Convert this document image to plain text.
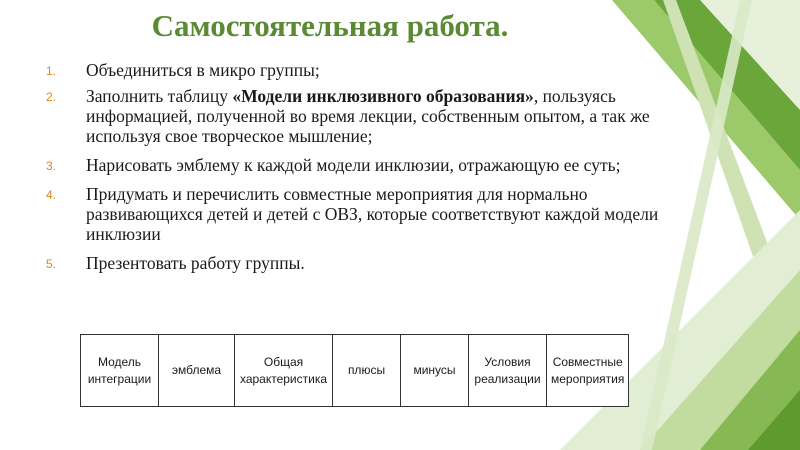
Самостоятельная работа.
1. Объединиться в микро группы;
2. Заполнить таблицу «Модели инклюзивного образования», пользуясь информацией, полученной во время лекции, собственным опытом, а так же используя свое творческое мышление;
3. Нарисовать эмблему к каждой модели инклюзии, отражающую ее суть;
4. Придумать и перечислить совместные мероприятия для нормально развивающихся детей и детей с ОВЗ, которые соответствуют каждой модели инклюзии
5. Презентовать работу группы.
Модель интеграции	эмблема	Общая характеристика	плюсы	минусы	Условия реализации	Совместные мероприятия
